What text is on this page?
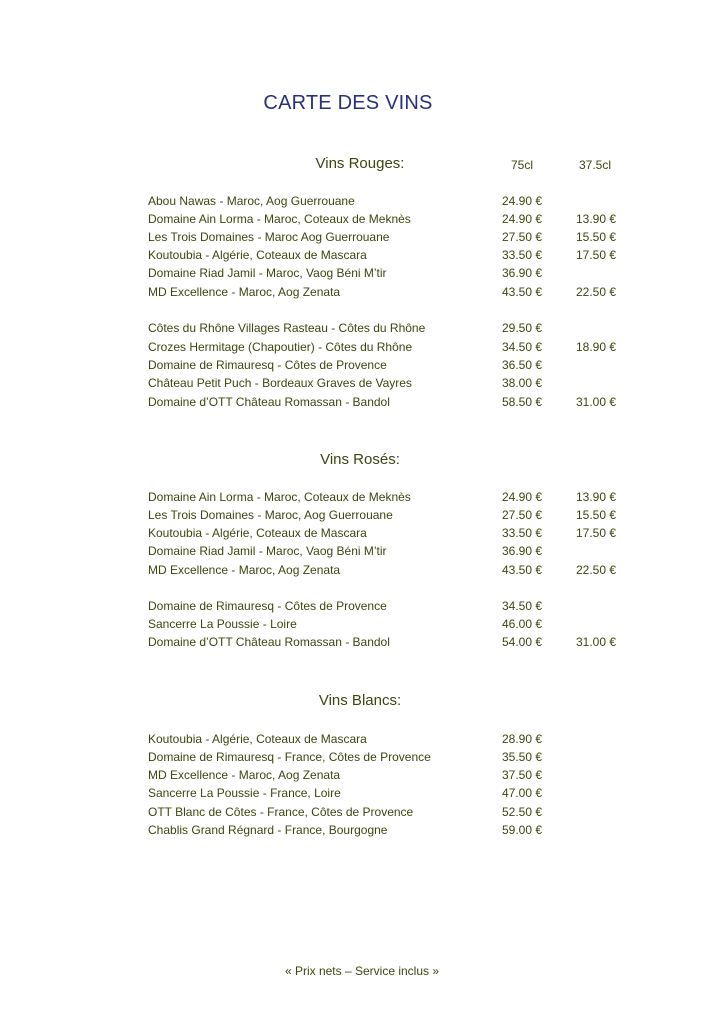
CARTE DES VINS
Vins Rouges:	75cl	37.5cl
Abou Nawas - Maroc, Aog Guerrouane	24.90 €
Domaine Ain Lorma - Maroc, Coteaux de Meknès	24.90 €	13.90 €
Les Trois Domaines - Maroc Aog Guerrouane	27.50 €	15.50 €
Koutoubia - Algérie, Coteaux de Mascara	33.50 €	17.50 €
Domaine Riad Jamil - Maroc, Vaog Béni M’tir	36.90 €
MD Excellence - Maroc, Aog Zenata	43.50 €	22.50 €
Côtes du Rhône Villages Rasteau - Côtes du Rhône	29.50 €
Crozes Hermitage (Chapoutier) - Côtes du Rhône	34.50 €	18.90 €
Domaine de Rimauresq - Côtes de Provence	36.50 €
Château Petit Puch - Bordeaux Graves de Vayres	38.00 €
Domaine d’OTT Château Romassan - Bandol	58.50 €	31.00 €
Vins Rosés:
Domaine Ain Lorma - Maroc, Coteaux de Meknès	24.90 €	13.90 €
Les Trois Domaines - Maroc, Aog Guerrouane	27.50 €	15.50 €
Koutoubia - Algérie, Coteaux de Mascara	33.50 €	17.50 €
Domaine Riad Jamil - Maroc, Vaog Béni M’tir	36.90 €
MD Excellence - Maroc, Aog Zenata	43.50 €	22.50 €
Domaine de Rimauresq - Côtes de Provence	34.50 €
Sancerre La Poussie - Loire	46.00 €
Domaine d’OTT Château Romassan - Bandol	54.00 €	31.00 €
Vins Blancs:
Koutoubia - Algérie, Coteaux de Mascara	28.90 €
Domaine de Rimauresq - France, Côtes de Provence	35.50 €
MD Excellence - Maroc, Aog Zenata	37.50 €
Sancerre La Poussie - France, Loire	47.00 €
OTT Blanc de Côtes - France, Côtes de Provence	52.50 €
Chablis Grand Régnard - France, Bourgogne	59.00 €
« Prix nets – Service inclus »
